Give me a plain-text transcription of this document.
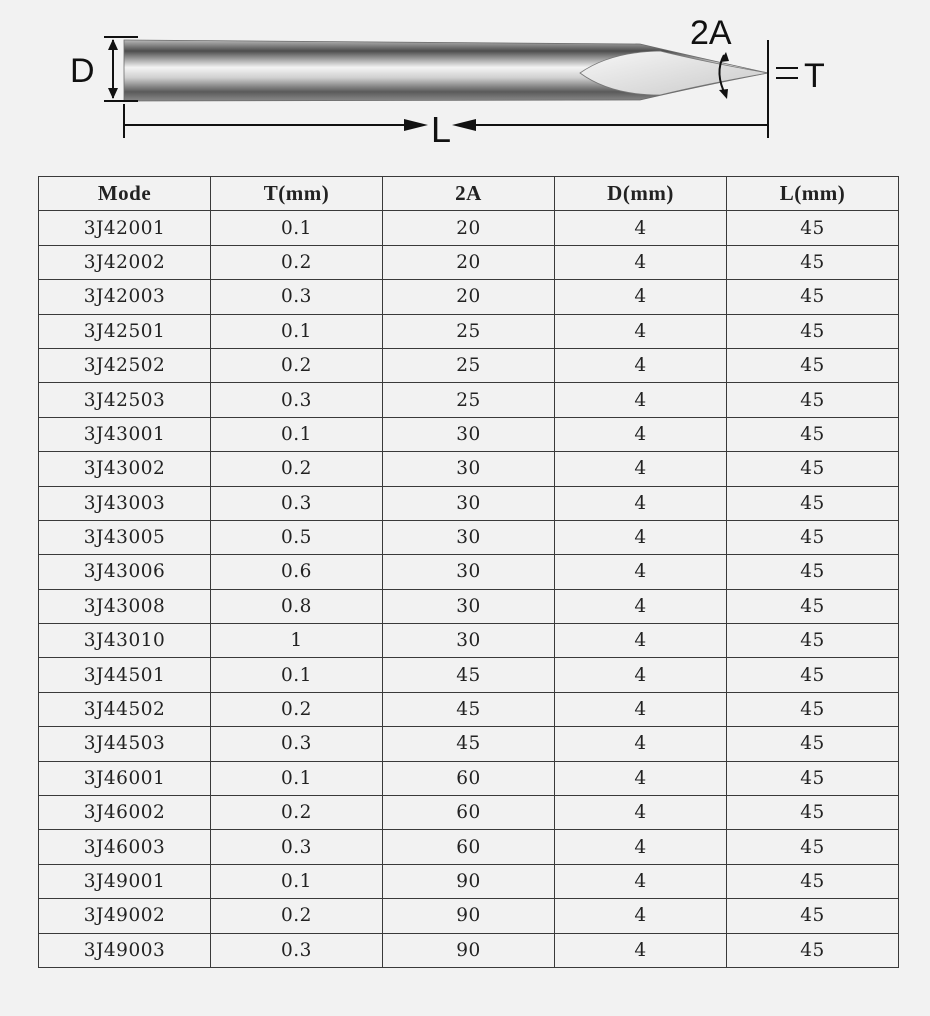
D
L
T
2A
Mode	T(mm)	2A	D(mm)	L(mm)
3J42001	0.1	20	4	45
3J42002	0.2	20	4	45
3J42003	0.3	20	4	45
3J42501	0.1	25	4	45
3J42502	0.2	25	4	45
3J42503	0.3	25	4	45
3J43001	0.1	30	4	45
3J43002	0.2	30	4	45
3J43003	0.3	30	4	45
3J43005	0.5	30	4	45
3J43006	0.6	30	4	45
3J43008	0.8	30	4	45
3J43010	1	30	4	45
3J44501	0.1	45	4	45
3J44502	0.2	45	4	45
3J44503	0.3	45	4	45
3J46001	0.1	60	4	45
3J46002	0.2	60	4	45
3J46003	0.3	60	4	45
3J49001	0.1	90	4	45
3J49002	0.2	90	4	45
3J49003	0.3	90	4	45
